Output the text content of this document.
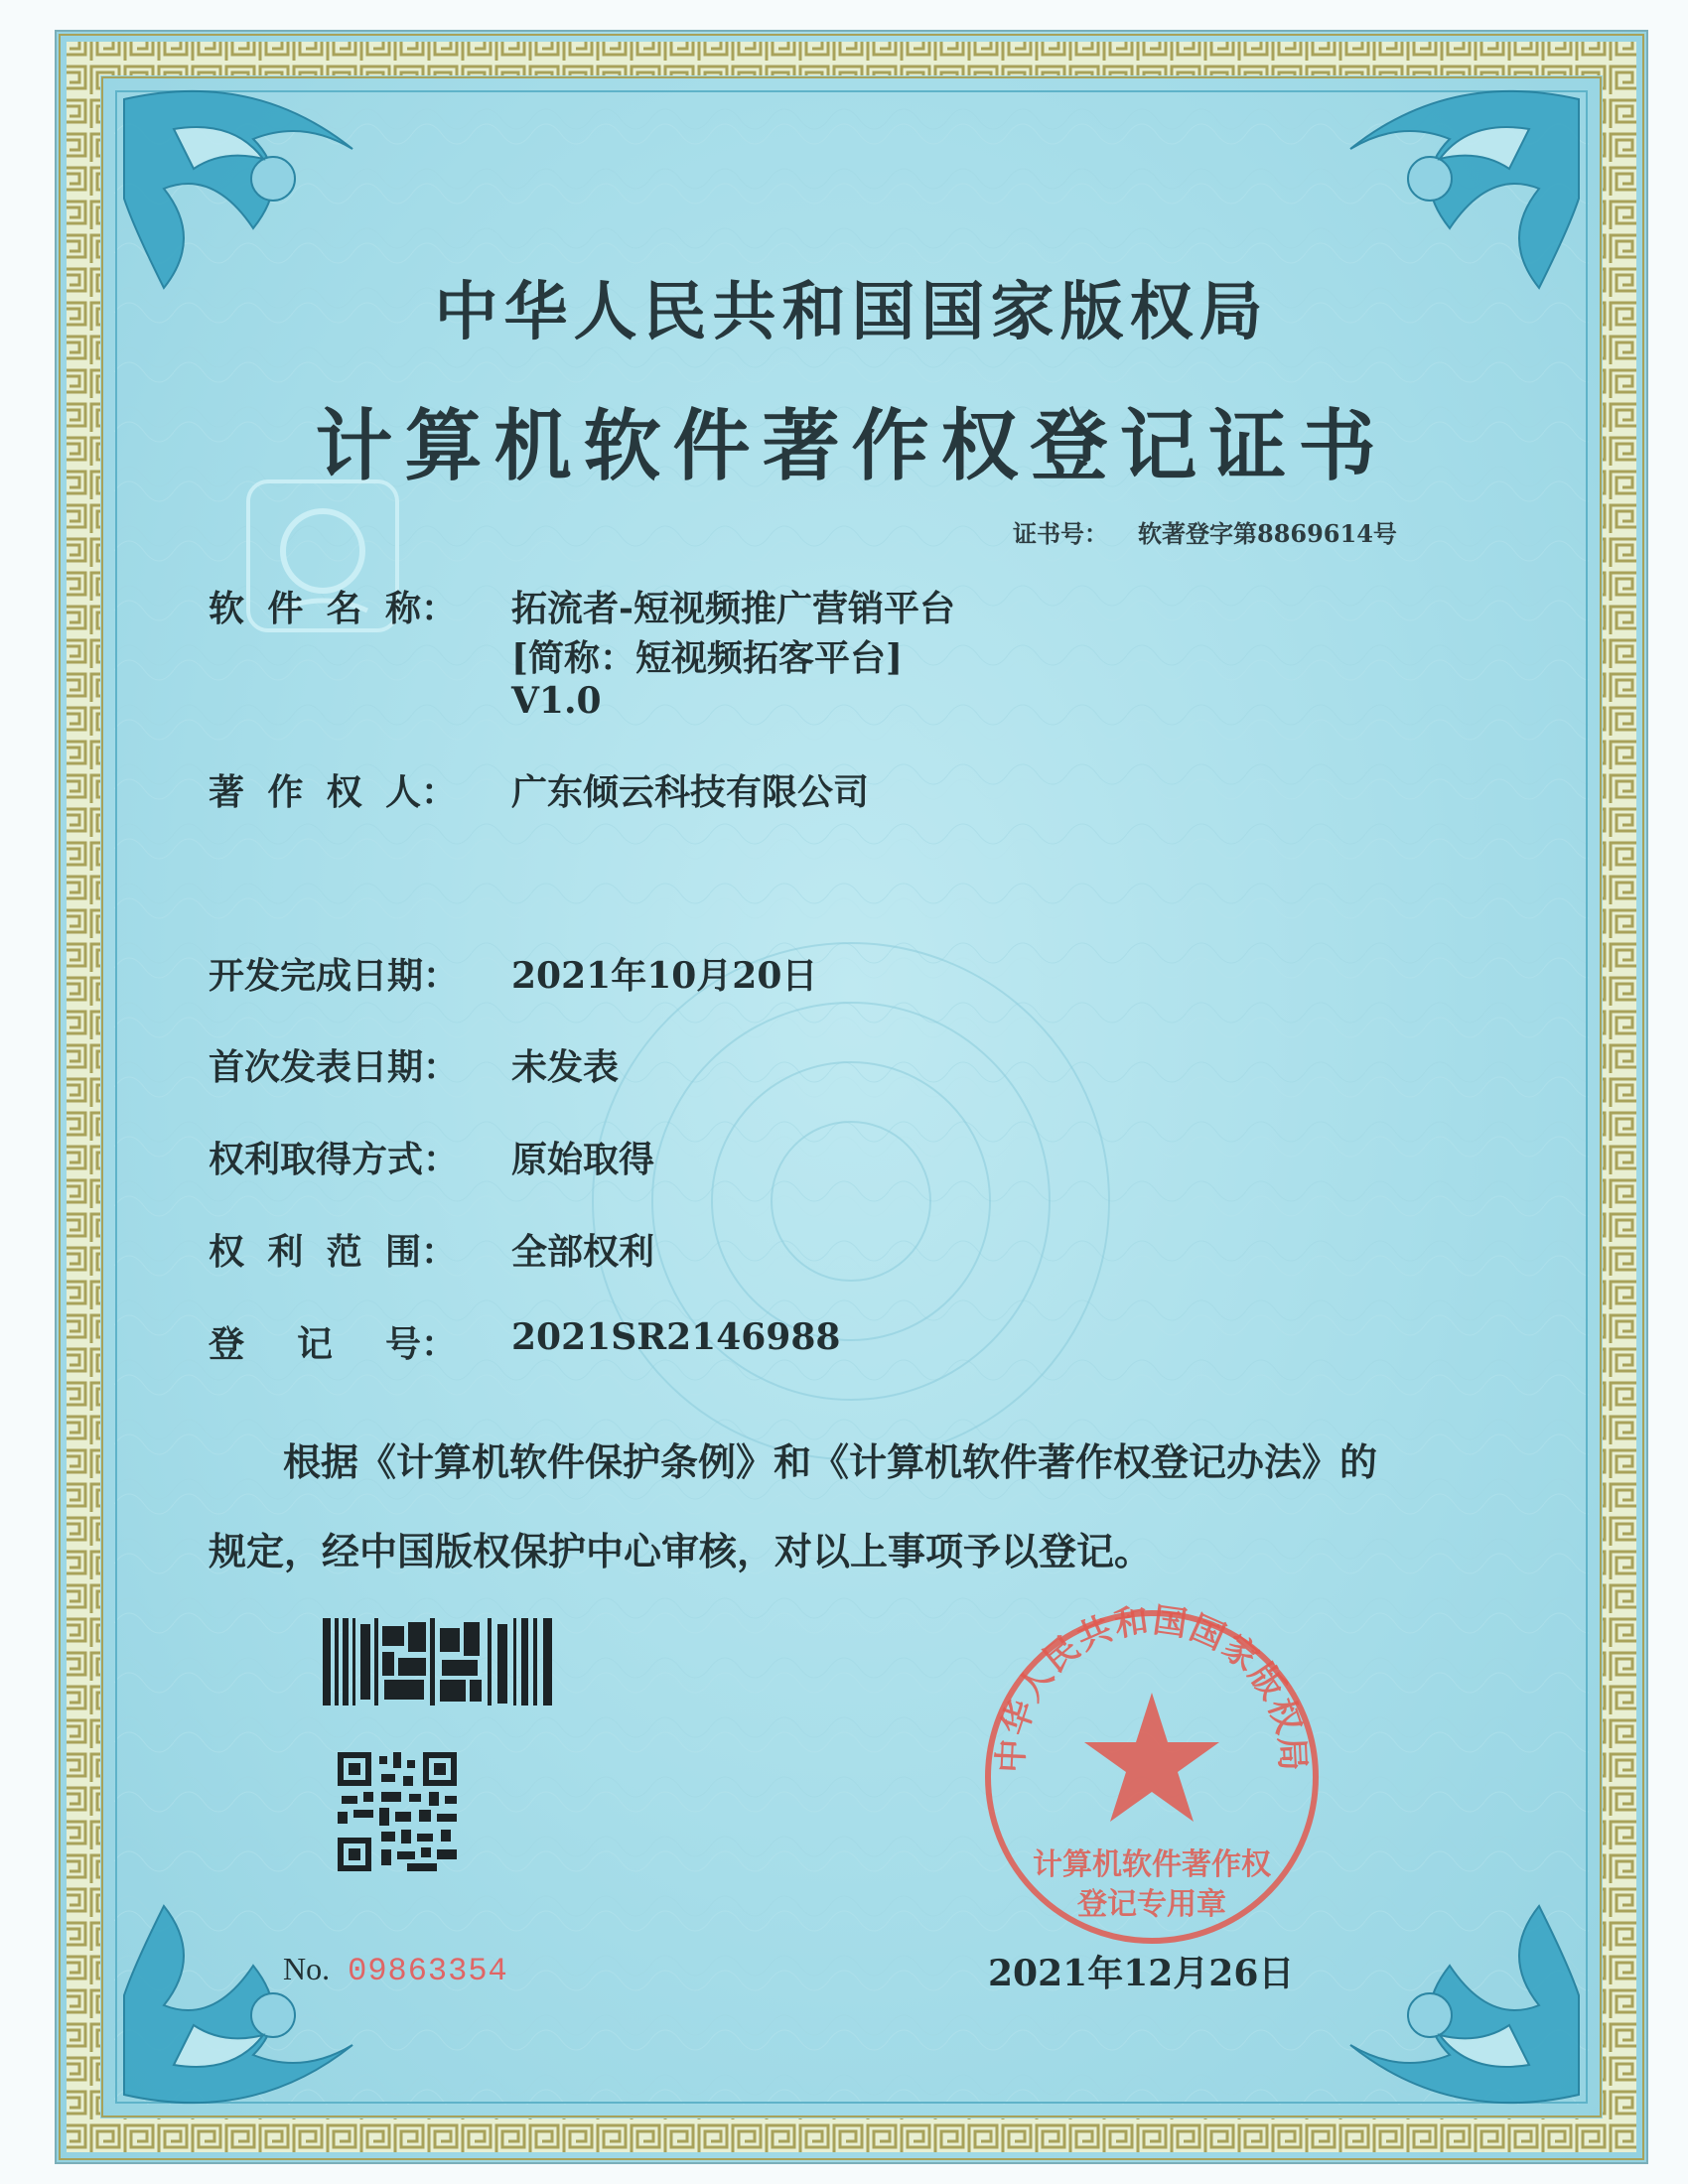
中华人民共和国国家版权局
计算机软件著作权登记证书
证书号： 软著登字第8869614号
软 件 名 称： 拓流者-短视频推广营销平台
[简称：短视频拓客平台]
V1.0
著 作 权 人： 广东倾云科技有限公司
开发完成日期： 2021年10月20日
首次发表日期： 未发表
权利取得方式： 原始取得
权 利 范 围： 全部权利
登 记 号： 2021SR2146988
根据《计算机软件保护条例》和《计算机软件著作权登记办法》的
规定，经中国版权保护中心审核，对以上事项予以登记。
中华人民共和国国家版权局
计算机软件著作权
登记专用章
No. 09863354	2021年12月26日
